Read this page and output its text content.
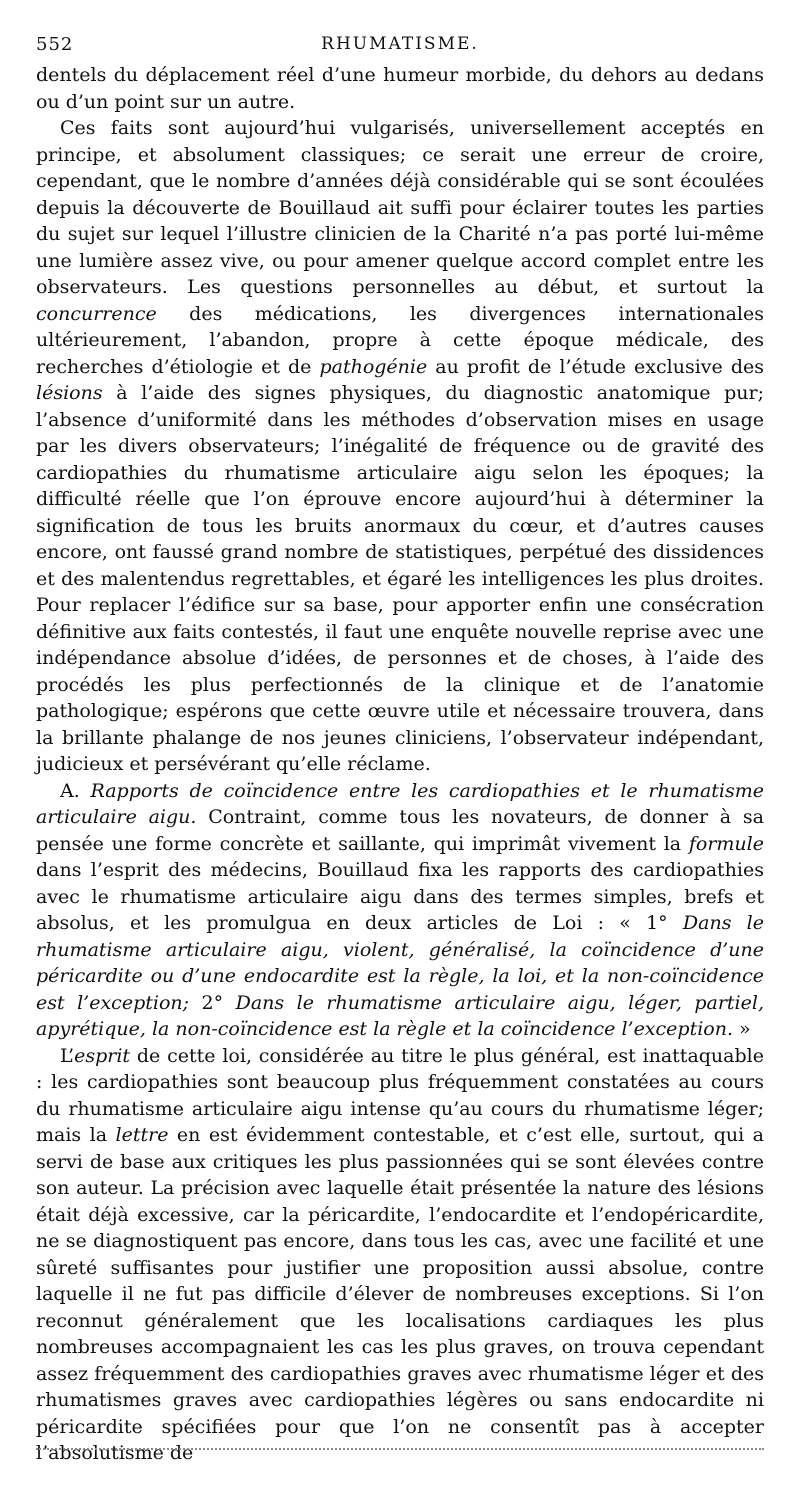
552	RHUMATISME.

dentels du déplacement réel d’une humeur morbide, du dehors au dedans ou d’un point sur un autre.

Ces faits sont aujourd’hui vulgarisés, universellement acceptés en principe, et absolument classiques; ce serait une erreur de croire, cependant, que le nombre d’années déjà considérable qui se sont écoulées depuis la découverte de Bouillaud ait suffi pour éclairer toutes les parties du sujet sur lequel l’illustre clinicien de la Charité n’a pas porté lui-même une lumière assez vive, ou pour amener quelque accord complet entre les observateurs. Les questions personnelles au début, et surtout la concurrence des médications, les divergences internationales ultérieurement, l’abandon, propre à cette époque médicale, des recherches d’étiologie et de pathogénie au profit de l’étude exclusive des lésions à l’aide des signes physiques, du diagnostic anatomique pur; l’absence d’uniformité dans les méthodes d’observation mises en usage par les divers observateurs; l’inégalité de fréquence ou de gravité des cardiopathies du rhumatisme articulaire aigu selon les époques; la difficulté réelle que l’on éprouve encore aujourd’hui à déterminer la signification de tous les bruits anormaux du cœur, et d’autres causes encore, ont faussé grand nombre de statistiques, perpétué des dissidences et des malentendus regrettables, et égaré les intelligences les plus droites. Pour replacer l’édifice sur sa base, pour apporter enfin une consécration définitive aux faits contestés, il faut une enquête nouvelle reprise avec une indépendance absolue d’idées, de personnes et de choses, à l’aide des procédés les plus perfectionnés de la clinique et de l’anatomie pathologique; espérons que cette œuvre utile et nécessaire trouvera, dans la brillante phalange de nos jeunes cliniciens, l’observateur indépendant, judicieux et persévérant qu’elle réclame.

A. Rapports de coïncidence entre les cardiopathies et le rhumatisme articulaire aigu. Contraint, comme tous les novateurs, de donner à sa pensée une forme concrète et saillante, qui imprimât vivement la formule dans l’esprit des médecins, Bouillaud fixa les rapports des cardiopathies avec le rhumatisme articulaire aigu dans des termes simples, brefs et absolus, et les promulgua en deux articles de Loi : « 1° Dans le rhumatisme articulaire aigu, violent, généralisé, la coïncidence d’une péricardite ou d’une endocardite est la règle, la loi, et la non-coïncidence est l’exception; 2° Dans le rhumatisme articulaire aigu, léger, partiel, apyrétique, la non-coïncidence est la règle et la coïncidence l’exception. »

L’esprit de cette loi, considérée au titre le plus général, est inattaquable : les cardiopathies sont beaucoup plus fréquemment constatées au cours du rhumatisme articulaire aigu intense qu’au cours du rhumatisme léger; mais la lettre en est évidemment contestable, et c’est elle, surtout, qui a servi de base aux critiques les plus passionnées qui se sont élevées contre son auteur. La précision avec laquelle était présentée la nature des lésions était déjà excessive, car la péricardite, l’endocardite et l’endopéricardite, ne se diagnostiquent pas encore, dans tous les cas, avec une facilité et une sûreté suffisantes pour justifier une proposition aussi absolue, contre laquelle il ne fut pas difficile d’élever de nombreuses exceptions. Si l’on reconnut généralement que les localisations cardiaques les plus nombreuses accompagnaient les cas les plus graves, on trouva cependant assez fréquemment des cardiopathies graves avec rhumatisme léger et des rhumatismes graves avec cardiopathies légères ou sans endocardite ni péricardite spécifiées pour que l’on ne consentît pas à accepter l’absolutisme de
